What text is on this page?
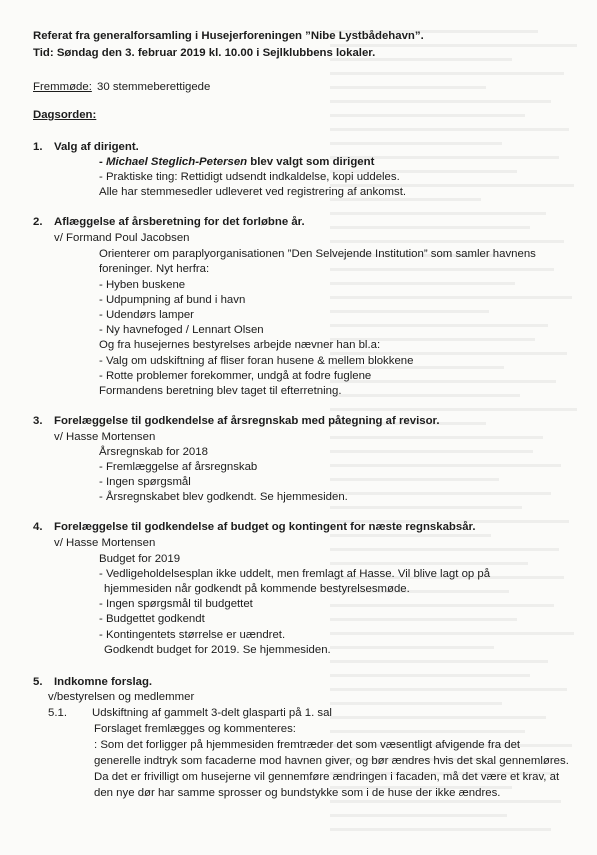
Referat fra generalforsamling i Husejerforeningen ”Nibe Lystbådehavn”.
Tid: Søndag den 3. februar 2019 kl. 10.00 i Sejlklubbens lokaler.
Fremmøde: 30 stemmeberettigede
Dagsorden:
1. Valg af dirigent.
- Michael Steglich-Petersen blev valgt som dirigent
- Praktiske ting: Rettidigt udsendt indkaldelse, kopi uddeles.
Alle har stemmesedler udleveret ved registrering af ankomst.
2. Aflæggelse af årsberetning for det forløbne år.
v/ Formand Poul Jacobsen
Orienterer om paraplyorganisationen ”Den Selvejende Institution” som samler havnens
foreninger. Nyt herfra:
- Hyben buskene
- Udpumpning af bund i havn
- Udendørs lamper
- Ny havnefoged / Lennart Olsen
Og fra husejernes bestyrelses arbejde nævner han bl.a:
- Valg om udskiftning af fliser foran husene & mellem blokkene
- Rotte problemer forekommer, undgå at fodre fuglene
Formandens beretning blev taget til efterretning.
3. Forelæggelse til godkendelse af årsregnskab med påtegning af revisor.
v/ Hasse Mortensen
Årsregnskab for 2018
- Fremlæggelse af årsregnskab
- Ingen spørgsmål
- Årsregnskabet blev godkendt. Se hjemmesiden.
4. Forelæggelse til godkendelse af budget og kontingent for næste regnskabsår.
v/ Hasse Mortensen
Budget for 2019
- Vedligeholdelsesplan ikke uddelt, men fremlagt af Hasse. Vil blive lagt op på
hjemmesiden når godkendt på kommende bestyrelsesmøde.
- Ingen spørgsmål til budgettet
- Budgettet godkendt
- Kontingentets størrelse er uændret.
Godkendt budget for 2019. Se hjemmesiden.
5. Indkomne forslag.
v/bestyrelsen og medlemmer
5.1. Udskiftning af gammelt 3-delt glasparti på 1. sal
Forslaget fremlægges og kommenteres:
: Som det forligger på hjemmesiden fremtræder det som væsentligt afvigende fra det
generelle indtryk som facaderne mod havnen giver, og bør ændres hvis det skal gennemløres.
Da det er frivilligt om husejerne vil gennemføre ændringen i facaden, må det være et krav, at
den nye dør har samme sprosser og bundstykke som i de huse der ikke ændres.
